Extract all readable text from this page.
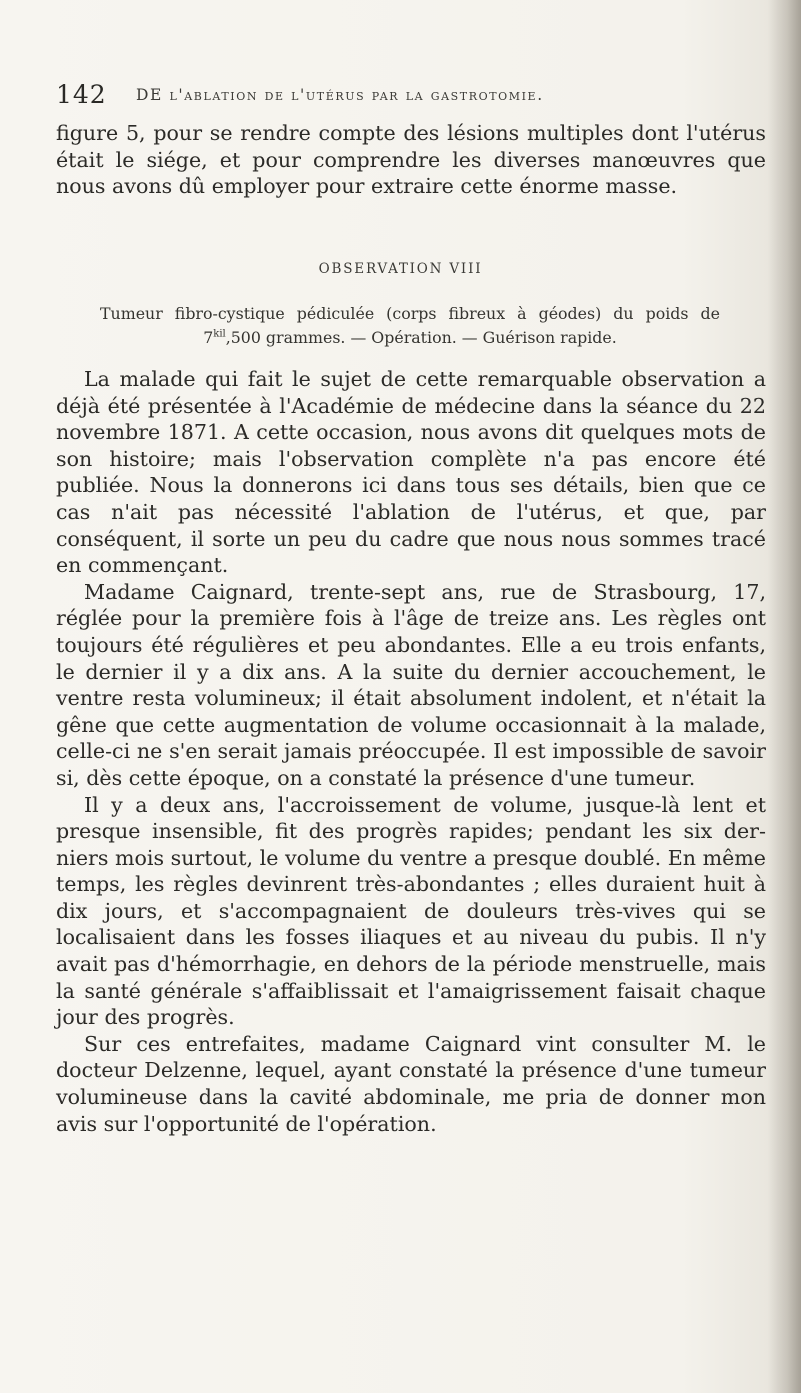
142 DE l'ablation de l'utérus par la gastrotomie.

figure 5, pour se rendre compte des lésions multiples dont l'utérus était le siége, et pour comprendre les diverses manœuvres que nous avons dû employer pour extraire cette énorme masse.

OBSERVATION VIII

Tumeur fibro-cystique pédiculée (corps fibreux à géodes) du poids de
$7^{kil},500$ grammes. — Opération. — Guérison rapide.

La malade qui fait le sujet de cette remarquable observation a déjà été présentée à l'Académie de médecine dans la séance du 22 novembre 1871. A cette occasion, nous avons dit quelques mots de son histoire; mais l'observation complète n'a pas encore été publiée. Nous la donnerons ici dans tous ses détails, bien que ce cas n'ait pas nécessité l'ablation de l'utérus, et que, par conséquent, il sorte un peu du cadre que nous nous sommes tracé en commençant.

Madame Caignard, trente-sept ans, rue de Strasbourg, 17, réglée pour la première fois à l'âge de treize ans. Les règles ont toujours été régulières et peu abondantes. Elle a eu trois enfants, le dernier il y a dix ans. A la suite du dernier accouchement, le ventre resta volumineux; il était absolument indolent, et n'était la gêne que cette augmentation de volume occasionnait à la malade, celle-ci ne s'en serait jamais préoccupée. Il est impossible de savoir si, dès cette époque, on a constaté la présence d'une tumeur.

Il y a deux ans, l'accroissement de volume, jusque-là lent et presque insensible, fit des progrès rapides; pendant les six derniers mois surtout, le volume du ventre a presque doublé. En même temps, les règles devinrent très-abondantes ; elles duraient huit à dix jours, et s'accompagnaient de douleurs très-vives qui se localisaient dans les fosses iliaques et au niveau du pubis. Il n'y avait pas d'hémorrhagie, en dehors de la période menstruelle, mais la santé générale s'affaiblissait et l'amaigrissement faisait chaque jour des progrès.

Sur ces entrefaites, madame Caignard vint consulter M. le docteur Delzenne, lequel, ayant constaté la présence d'une tumeur volumineuse dans la cavité abdominale, me pria de donner mon avis sur l'opportunité de l'opération.
